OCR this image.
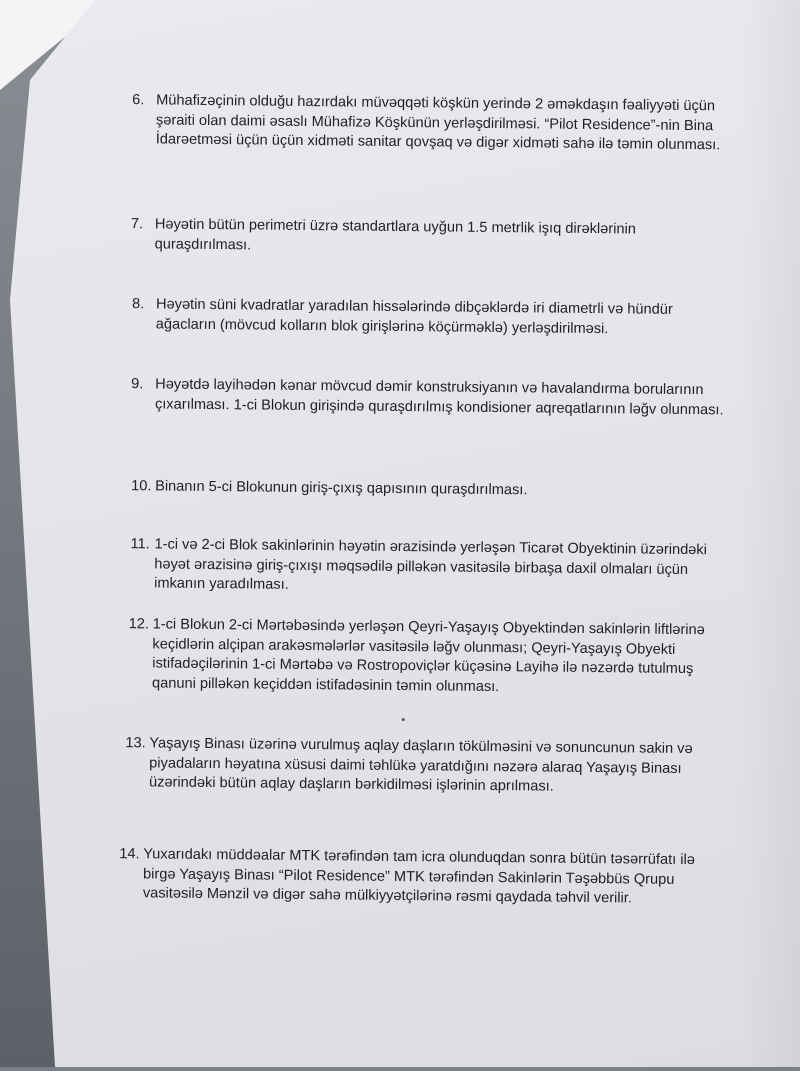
6. Mühafizəçinin olduğu hazırdakı müvəqqəti köşkün yerində 2 əməkdaşın fəaliyyəti üçün şəraiti olan daimi əsaslı Mühafizə Köşkünün yerləşdirilməsi. “Pilot Residence”-nin Bina İdarəetməsi üçün üçün xidməti sanitar qovşaq və digər xidməti sahə ilə təmin olunması.
7. Həyətin bütün perimetri üzrə standartlara uyğun 1.5 metrlik işıq dirəklərinin quraşdırılması.
8. Həyətin süni kvadratlar yaradılan hissələrində dibçəklərdə iri diametrli və hündür ağacların (mövcud kolların blok girişlərinə köçürməklə) yerləşdirilməsi.
9. Həyətdə layihədən kənar mövcud dəmir konstruksiyanın və havalandırma borularının çıxarılması. 1-ci Blokun girişində quraşdırılmış kondisioner aqreqatlarının ləğv olunması.
10. Binanın 5-ci Blokunun giriş-çıxış qapısının quraşdırılması.
11. 1-ci və 2-ci Blok sakinlərinin həyətin ərazisində yerləşən Ticarət Obyektinin üzərindəki həyət ərazisinə giriş-çıxışı məqsədilə pilləkən vasitəsilə birbaşa daxil olmaları üçün imkanın yaradılması.
12. 1-ci Blokun 2-ci Mərtəbəsində yerləşən Qeyri-Yaşayış Obyektindən sakinlərin liftlərinə keçidlərin alçipan arakəsmələrlər vasitəsilə ləğv olunması; Qeyri-Yaşayış Obyekti istifadəçilərinin 1-ci Mərtəbə və Rostropoviçlər küçəsinə Layihə ilə nəzərdə tutulmuş qanuni pilləkən keçiddən istifadəsinin təmin olunması.
13. Yaşayış Binası üzərinə vurulmuş aqlay daşların tökülməsini və sonuncunun sakin və piyadaların həyatına xüsusi daimi təhlükə yaratdığını nəzərə alaraq Yaşayış Binası üzərindəki bütün aqlay daşların bərkidilməsi işlərinin aprılması.
14. Yuxarıdakı müddəalar MTK tərəfindən tam icra olunduqdan sonra bütün təsərrüfatı ilə birgə Yaşayış Binası “Pilot Residence” MTK tərəfindən Sakinlərin Təşəbbüs Qrupu vasitəsilə Mənzil və digər sahə mülkiyyətçilərinə rəsmi qaydada təhvil verilir.
